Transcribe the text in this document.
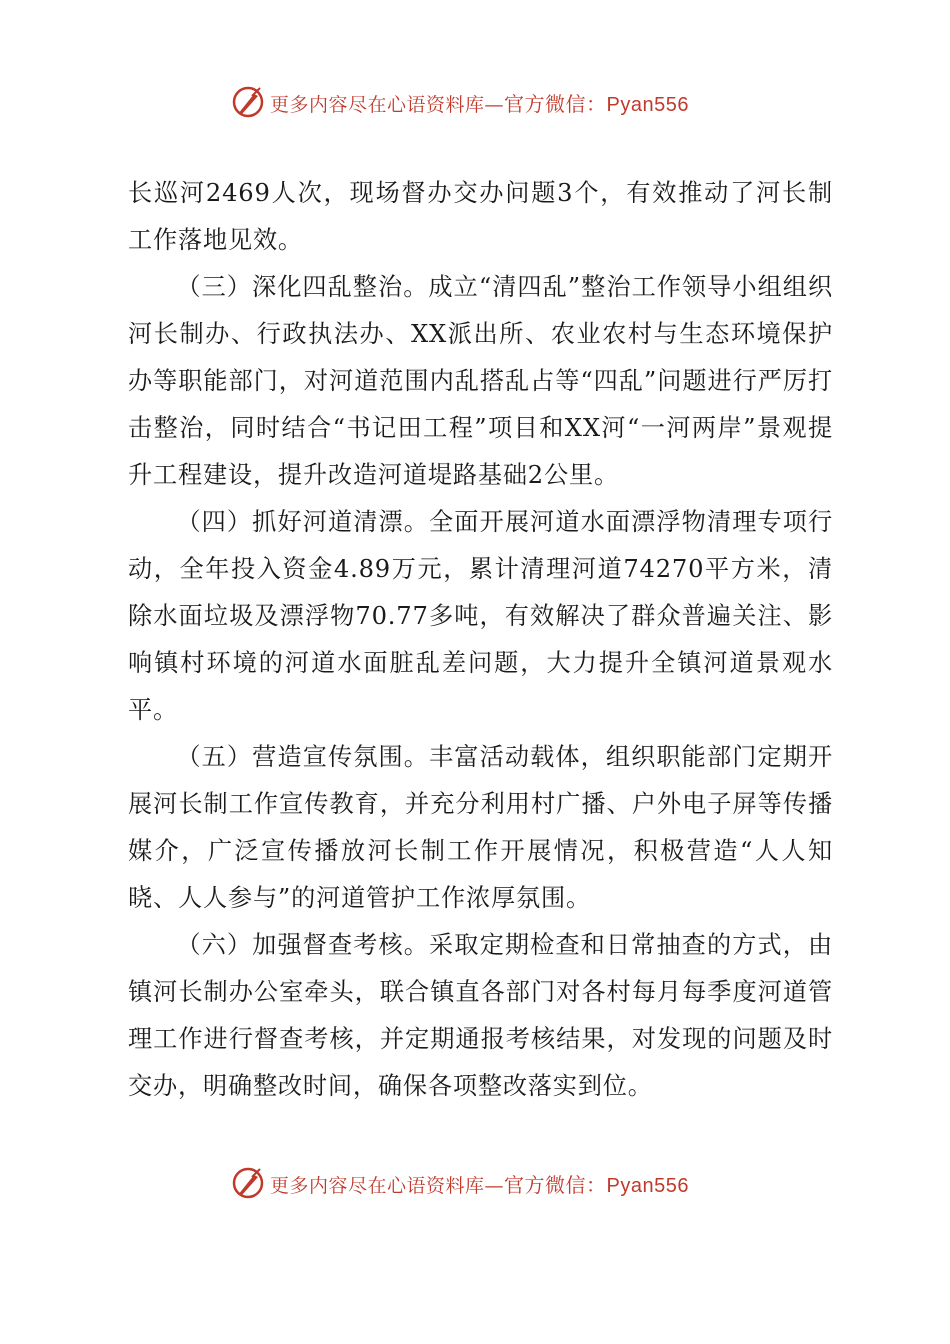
更多内容尽在心语资料库—官方微信：Pyan556

长巡河2469人次，现场督办交办问题3个，有效推动了河长制工作落地见效。

（三）深化四乱整治。成立“清四乱”整治工作领导小组组织河长制办、行政执法办、XX派出所、农业农村与生态环境保护办等职能部门，对河道范围内乱搭乱占等“四乱”问题进行严厉打击整治，同时结合“书记田工程”项目和XX河“一河两岸”景观提升工程建设，提升改造河道堤路基础2公里。

（四）抓好河道清漂。全面开展河道水面漂浮物清理专项行动，全年投入资金4.89万元，累计清理河道74270平方米，清除水面垃圾及漂浮物70.77多吨，有效解决了群众普遍关注、影响镇村环境的河道水面脏乱差问题，大力提升全镇河道景观水平。

（五）营造宣传氛围。丰富活动载体，组织职能部门定期开展河长制工作宣传教育，并充分利用村广播、户外电子屏等传播媒介，广泛宣传播放河长制工作开展情况，积极营造“人人知晓、人人参与”的河道管护工作浓厚氛围。

（六）加强督查考核。采取定期检查和日常抽查的方式，由镇河长制办公室牵头，联合镇直各部门对各村每月每季度河道管理工作进行督查考核，并定期通报考核结果，对发现的问题及时交办，明确整改时间，确保各项整改落实到位。

更多内容尽在心语资料库—官方微信：Pyan556
